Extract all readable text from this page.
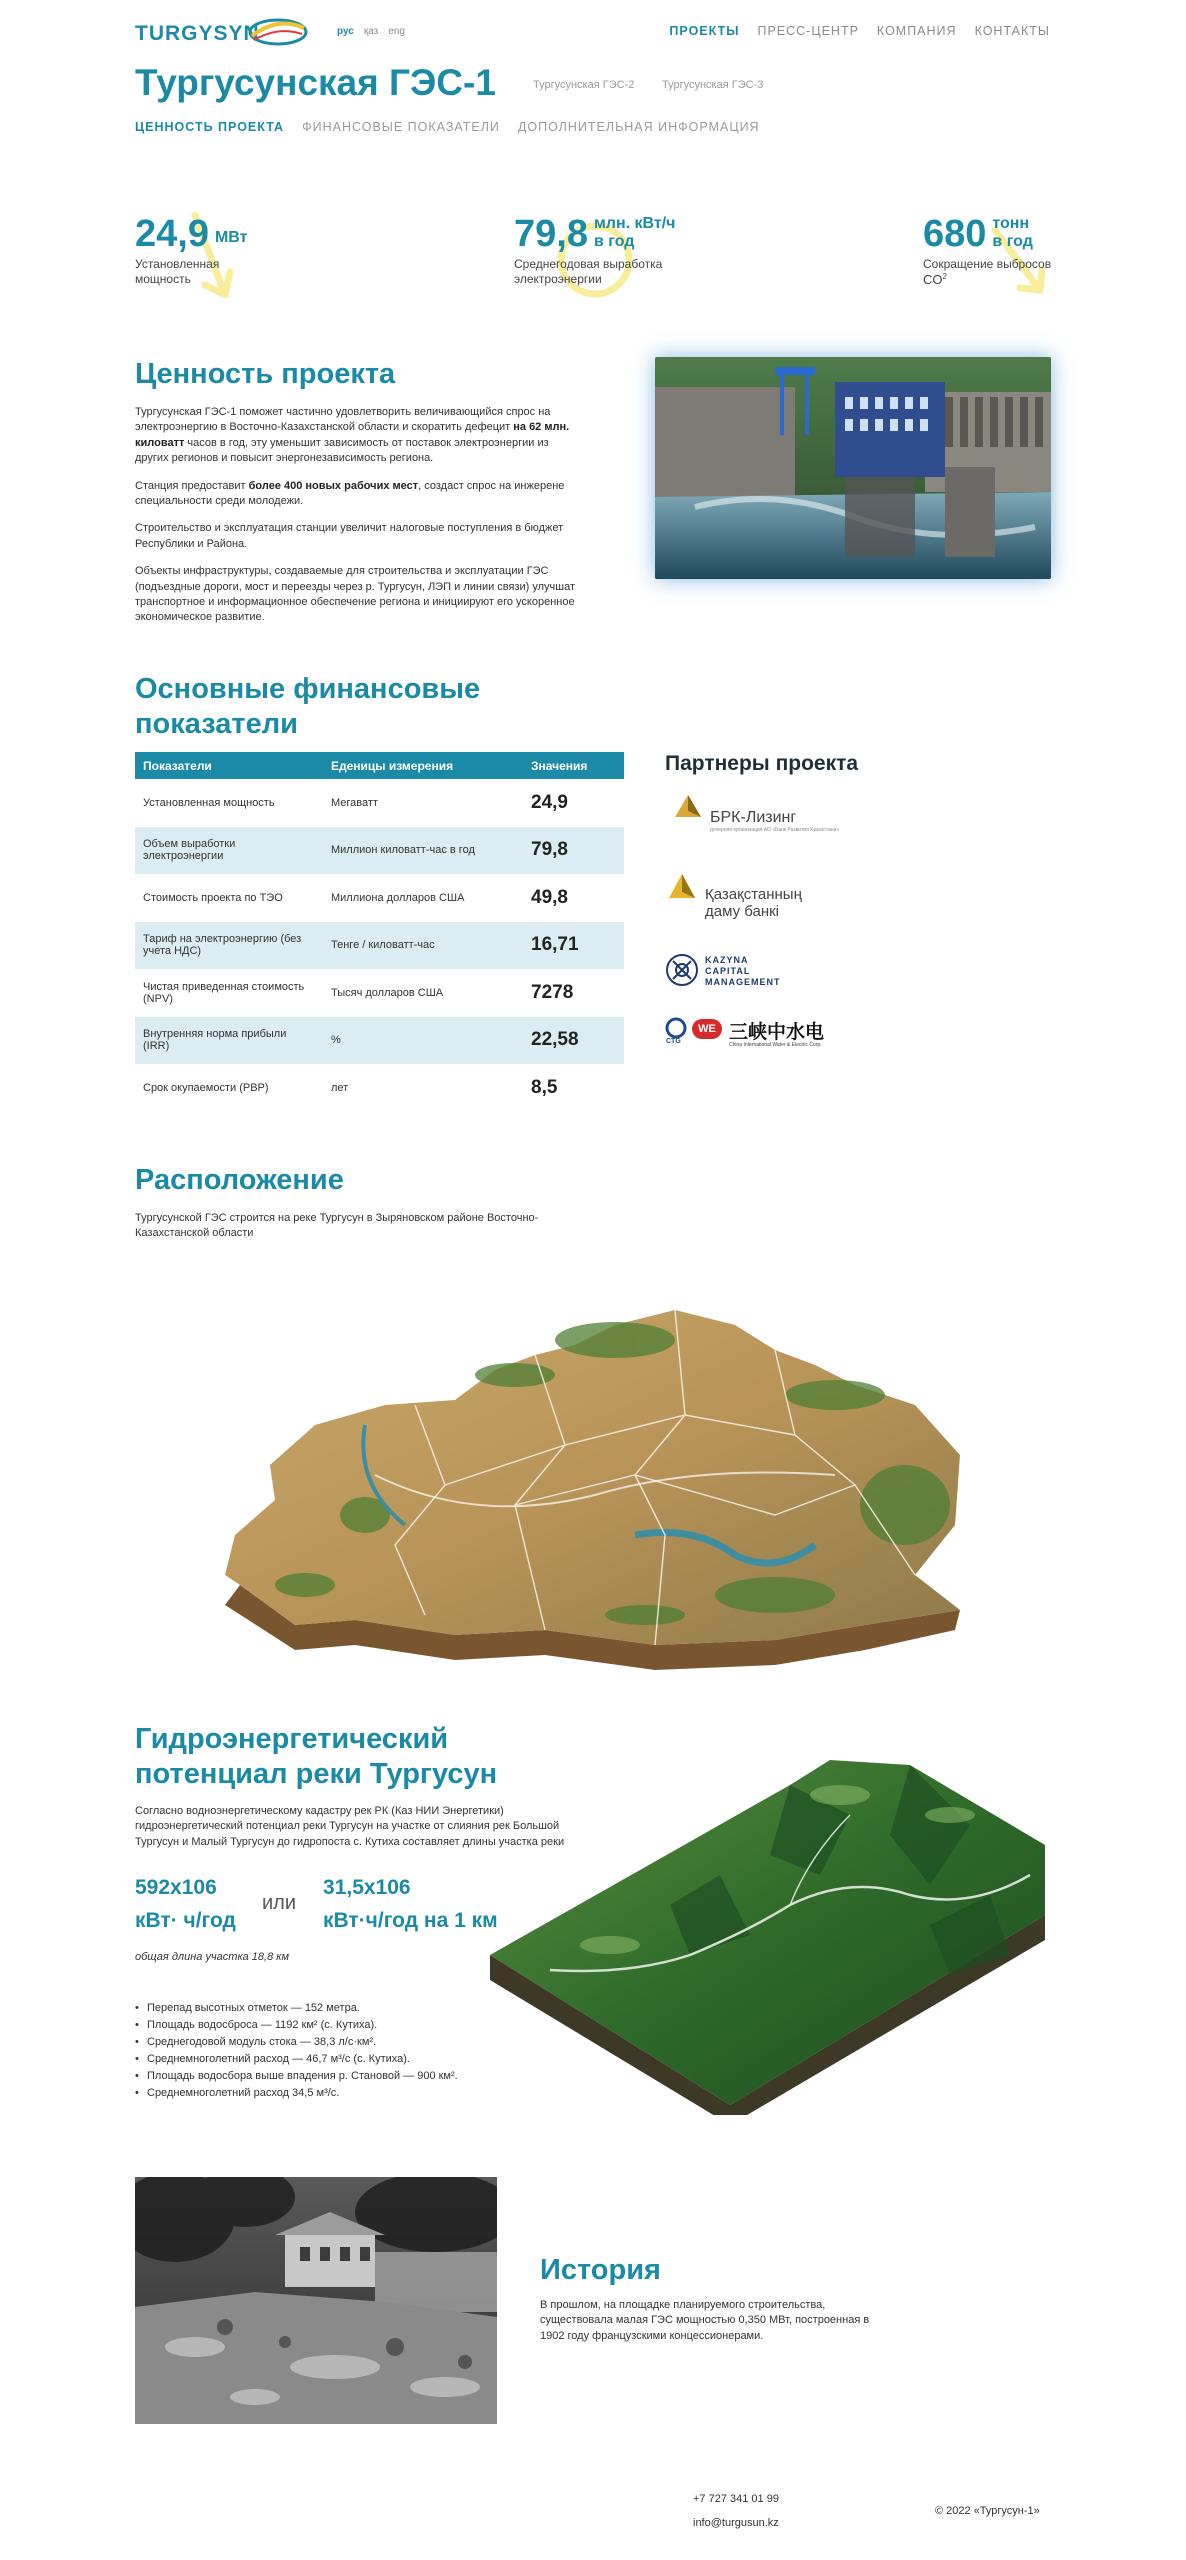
TURGYSYN	рус қаз eng	ПРОЕКТЫ ПРЕСС-ЦЕНТР КОМПАНИЯ КОНТАКТЫ
Тургусунская ГЭС-1	Тургусунская ГЭС-2	Тургусунская ГЭС-3
ЦЕННОСТЬ ПРОЕКТА ФИНАНСОВЫЕ ПОКАЗАТЕЛИ ДОПОЛНИТЕЛЬНАЯ ИНФОРМАЦИЯ
24,9 МВт
Установленная
мощность
79,8 млн. кВт/ч
в год
Среднегодовая выработка
электроэнергии
680 тонн
в год
Сокращение выбросов
$CO^2$
Ценность проекта

Тургусунская ГЭС-1 поможет частично удовлетворить величивающийся спрос на электроэнергию в Восточно-Казахстанской области и скоратить дефецит на 62 млн. киловатт часов в год, эту уменьшит зависимость от поставок электроэнергии из других регионов и повысит энергонезависимость региона.

Станция предоставит более 400 новых рабочих мест, создаст спрос на инжерене специальности среди молодежи.

Строительство и эксплуатация станции увеличит налоговые поступления в бюджет Республики и Района.

Объекты инфраструктуры, создаваемые для строительства и эксплуатации ГЭС (подъездные дороги, мост и переезды через р. Тургусун, ЛЭП и линии связи) улучшат транспортное и информационное обеспечение региона и инициируют его ускоренное экономическое развитие.

Основные финансовые
показатели
Показатели	Еденицы измерения	Значения
Установленная мощность	Мегаватт	24,9
Объем выработки электроэнергии	Миллион киловатт-час в год	79,8
Стоимость проекта по ТЭО	Миллиона долларов США	49,8
Тариф на электроэнергию (без учета НДС)	Тенге / киловатт-час	16,71
Чистая приведенная стоимость (NPV)	Тысяч долларов США	7278
Внутренняя норма прибыли (IRR)	%	22,58
Срок окупаемости (PBP)	лет	8,5
Партнеры проекта
БРК-Лизинг
дочерняя организация АО «Банк Развития Казахстана»
Қазақстанның
даму банкі
KAZYNA
CAPITAL
MANAGEMENT
CTG
WE 三峡中水电
China International Water & Electric Corp.
Расположение

Тургусунской ГЭС строится на реке Тургусун в Зыряновском районе Восточно-Казахстанской области

Гидроэнергетический
потенциал реки Тургусун

Согласно водноэнергетическому кадастру рек РК (Каз НИИ Энергетики) гидроэнергетический потенциал реки Тургусун на участке от слияния рек Большой Тургусун и Малый Тургусун до гидропоста с. Кутиха составляет длины участка реки

592x106
кВт· ч/год
или
31,5x106
кВт·ч/год на 1 км
общая длина участка 18,8 км
• Перепад высотных отметок — 152 метра.
• Площадь водосброса — 1192 км² (с. Кутиха).
• Среднегодовой модуль стока — 38,3 л/с·км².
• Среднемноголетний расход — 46,7 м³/с (с. Кутиха).
• Площадь водосбора выше впадения р. Становой — 900 км².
• Среднемноголетний расход 34,5 м³/с.
История

В прошлом, на площадке планируемого строительства, существовала малая ГЭС мощностью 0,350 МВт, построенная в 1902 году французскими концессионерами.

+7 727 341 01 99
info@turgusun.kz
© 2022 «Тургусун-1»
